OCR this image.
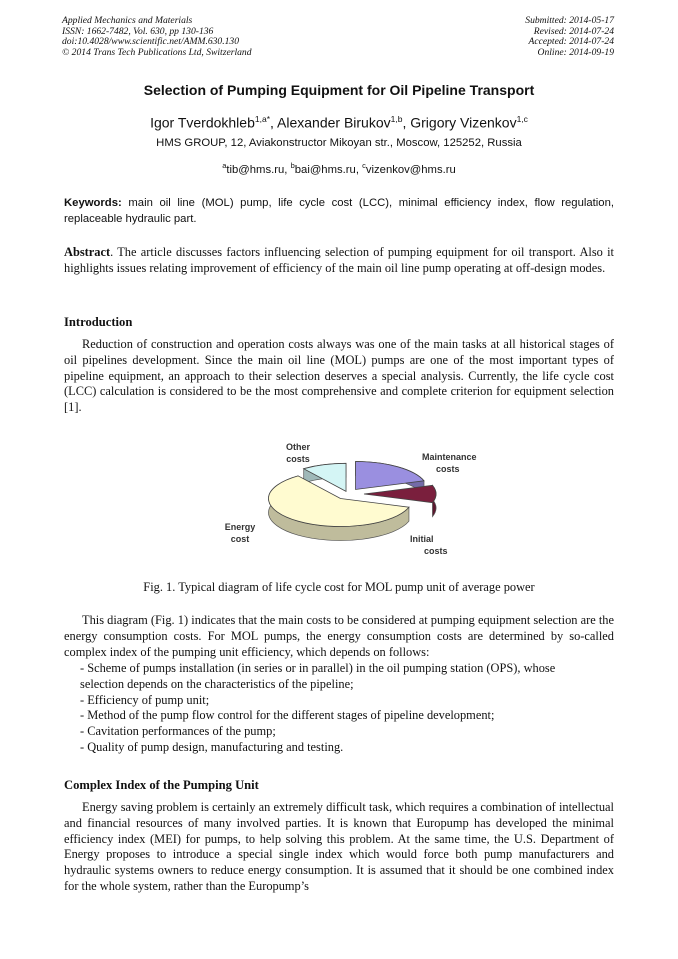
Applied Mechanics and Materials
ISSN: 1662-7482, Vol. 630, pp 130-136
doi:10.4028/www.scientific.net/AMM.630.130
© 2014 Trans Tech Publications Ltd, Switzerland
Submitted: 2014-05-17
Revised: 2014-07-24
Accepted: 2014-07-24
Online: 2014-09-19
Selection of Pumping Equipment for Oil Pipeline Transport
Igor Tverdokhleb$^{1,a*}$, Alexander Birukov$^{1,b}$, Grigory Vizenkov$^{1,c}$
HMS GROUP, 12, Aviakonstructor Mikoyan str., Moscow, 125252, Russia
$^a$tib@hms.ru, $^b$bai@hms.ru, $^c$vizenkov@hms.ru
Keywords: main oil line (MOL) pump, life cycle cost (LCC), minimal efficiency index, flow regulation, replaceable hydraulic part.
Abstract. The article discusses factors influencing selection of pumping equipment for oil transport. Also it highlights issues relating improvement of efficiency of the main oil line pump operating at off-design modes.
Introduction
Reduction of construction and operation costs always was one of the main tasks at all historical stages of oil pipelines development. Since the main oil line (MOL) pumps are one of the most important types of pipeline equipment, an approach to their selection deserves a special analysis. Currently, the life cycle cost (LCC) calculation is considered to be the most comprehensive and complete criterion for equipment selection [1].
Maintenance costs
Initial costs
Energy cost
Other costs
Fig. 1. Typical diagram of life cycle cost for MOL pump unit of average power
This diagram (Fig. 1) indicates that the main costs to be considered at pumping equipment selection are the energy consumption costs. For MOL pumps, the energy consumption costs are determined by so-called complex index of the pumping unit efficiency, which depends on follows:
- Scheme of pumps installation (in series or in parallel) in the oil pumping station (OPS), whose
selection depends on the characteristics of the pipeline;
- Efficiency of pump unit;
- Method of the pump flow control for the different stages of pipeline development;
- Cavitation performances of the pump;
- Quality of pump design, manufacturing and testing.
Complex Index of the Pumping Unit
Energy saving problem is certainly an extremely difficult task, which requires a combination of intellectual and financial resources of many involved parties. It is known that Europump has developed the minimal efficiency index (MEI) for pumps, to help solving this problem. At the same time, the U.S. Department of Energy proposes to introduce a special single index which would force both pump manufacturers and hydraulic systems owners to reduce energy consumption. It is assumed that it should be one combined index for the whole system, rather than the Europump’s
